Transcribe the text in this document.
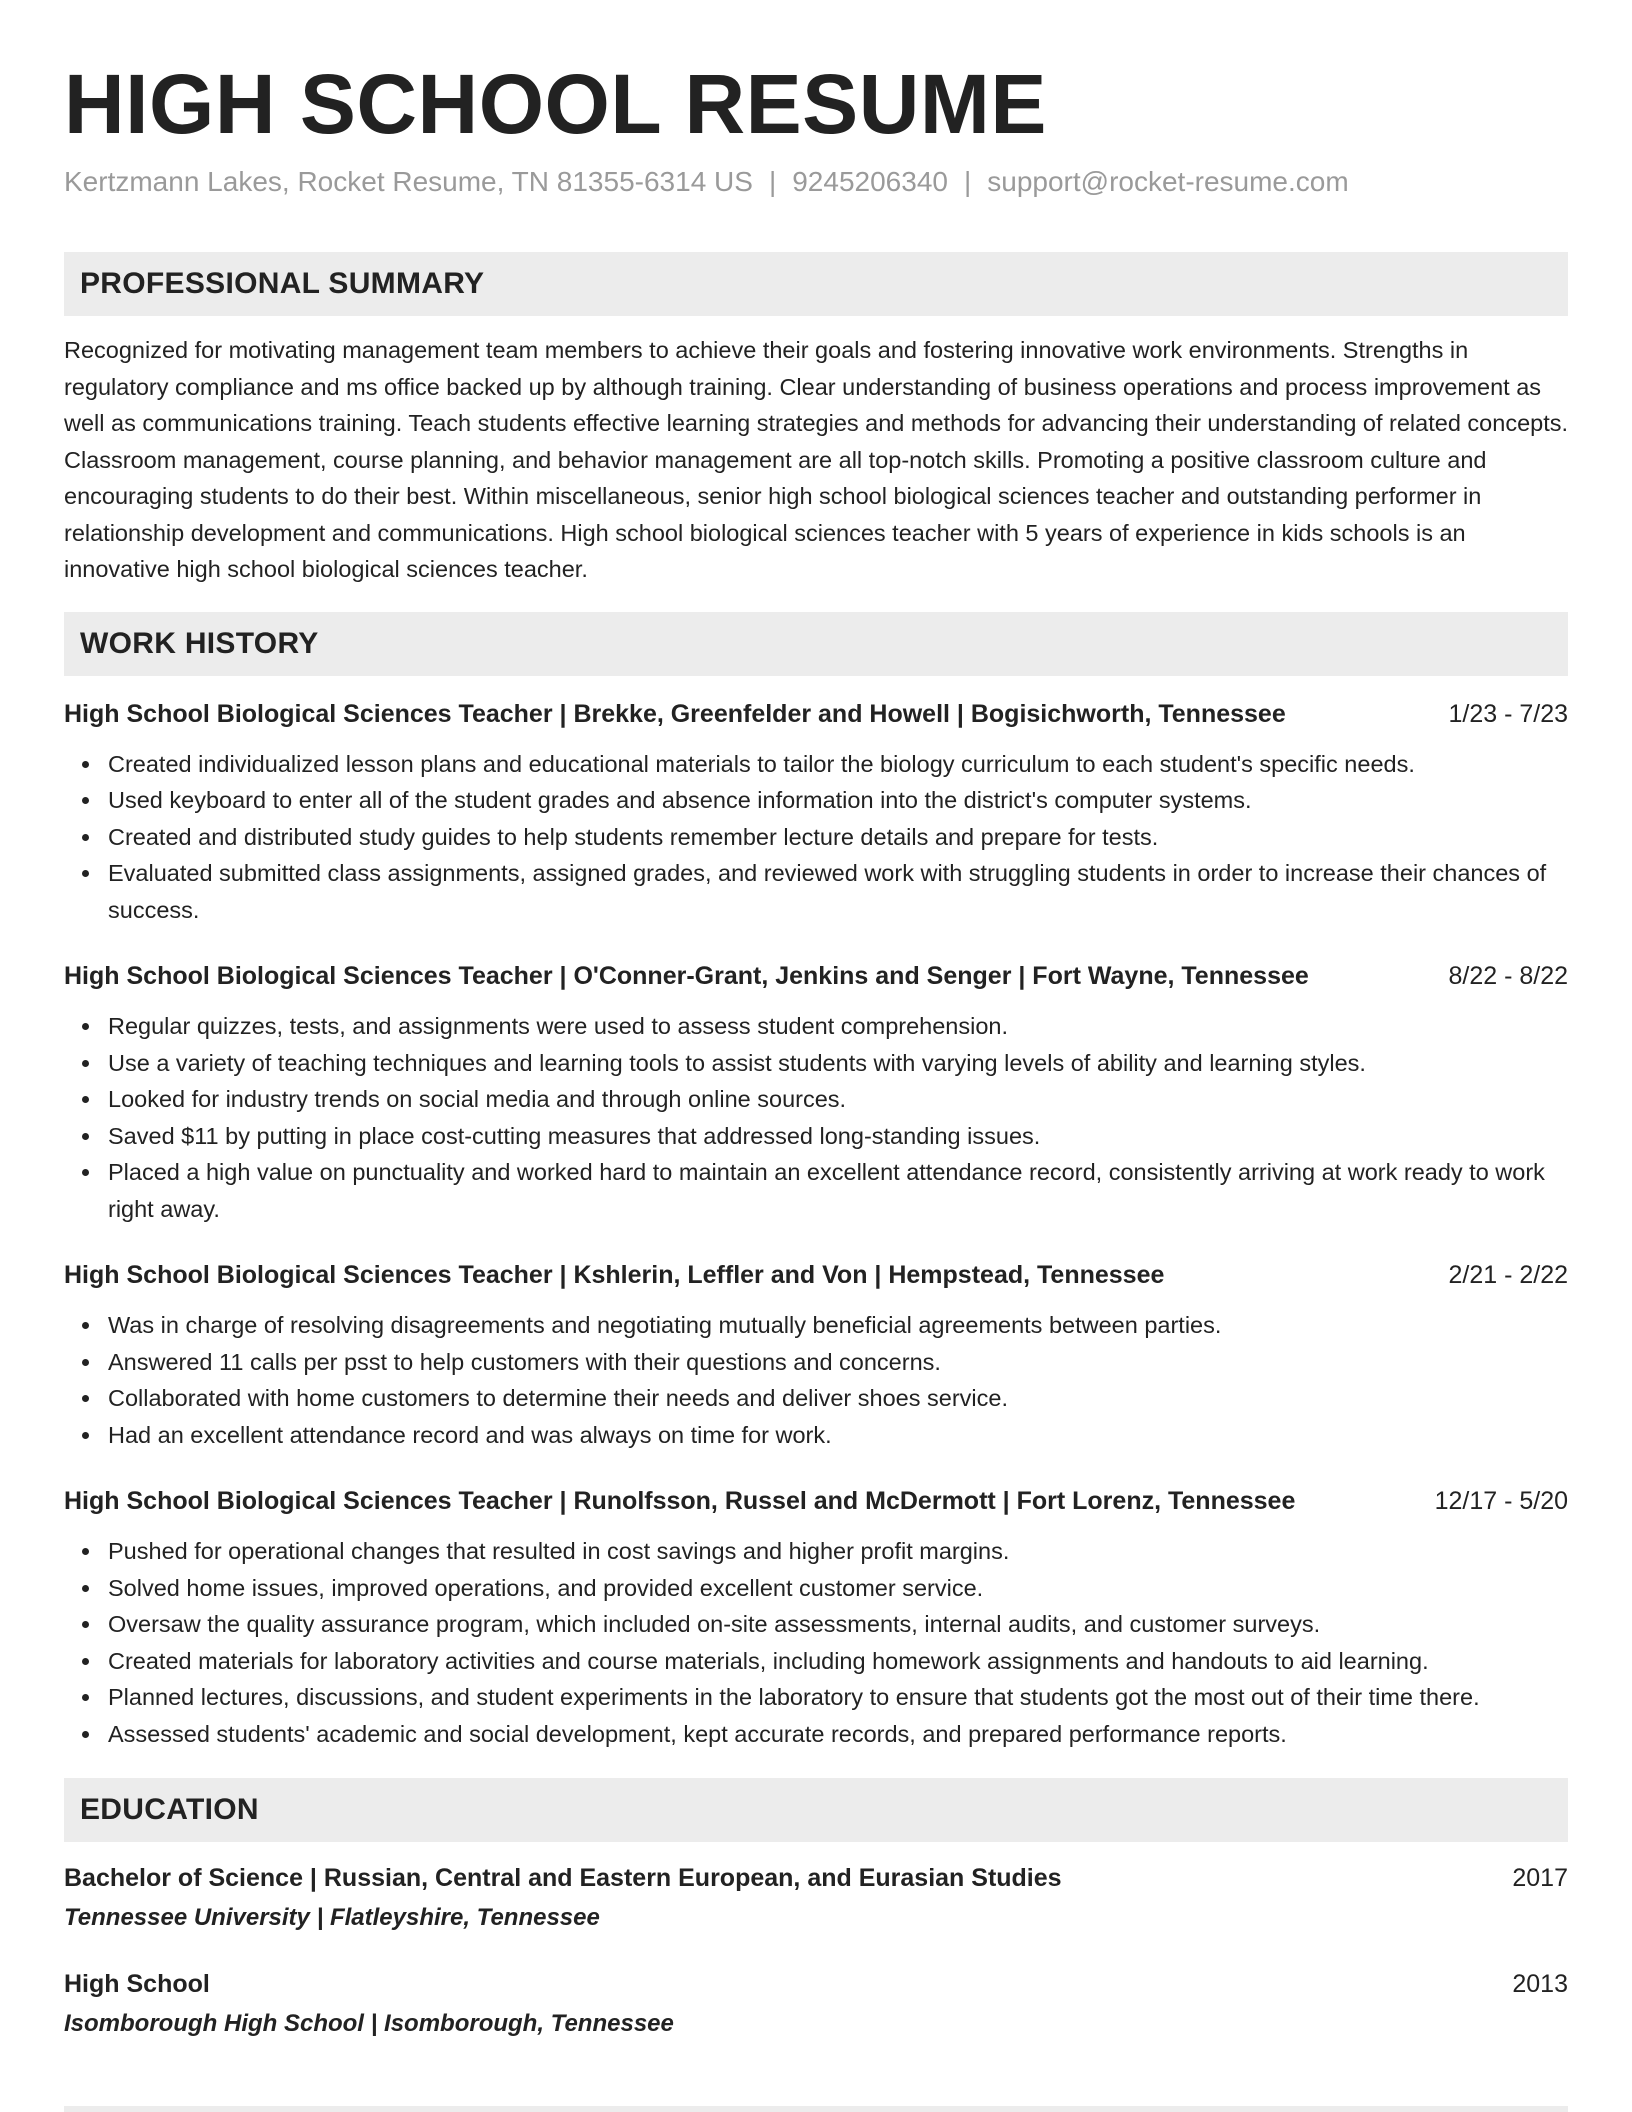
HIGH SCHOOL RESUME
Kertzmann Lakes, Rocket Resume, TN 81355-6314 US | 9245206340 | support@rocket-resume.com
PROFESSIONAL SUMMARY
Recognized for motivating management team members to achieve their goals and fostering innovative work environments. Strengths in regulatory compliance and ms office backed up by although training. Clear understanding of business operations and process improvement as well as communications training. Teach students effective learning strategies and methods for advancing their understanding of related concepts. Classroom management, course planning, and behavior management are all top-notch skills. Promoting a positive classroom culture and encouraging students to do their best. Within miscellaneous, senior high school biological sciences teacher and outstanding performer in relationship development and communications. High school biological sciences teacher with 5 years of experience in kids schools is an innovative high school biological sciences teacher.
WORK HISTORY
High School Biological Sciences Teacher | Brekke, Greenfelder and Howell | Bogisichworth, Tennessee	1/23 - 7/23
Created individualized lesson plans and educational materials to tailor the biology curriculum to each student's specific needs.
Used keyboard to enter all of the student grades and absence information into the district's computer systems.
Created and distributed study guides to help students remember lecture details and prepare for tests.
Evaluated submitted class assignments, assigned grades, and reviewed work with struggling students in order to increase their chances of success.
High School Biological Sciences Teacher | O'Conner-Grant, Jenkins and Senger | Fort Wayne, Tennessee	8/22 - 8/22
Regular quizzes, tests, and assignments were used to assess student comprehension.
Use a variety of teaching techniques and learning tools to assist students with varying levels of ability and learning styles.
Looked for industry trends on social media and through online sources.
Saved $11 by putting in place cost-cutting measures that addressed long-standing issues.
Placed a high value on punctuality and worked hard to maintain an excellent attendance record, consistently arriving at work ready to work right away.
High School Biological Sciences Teacher | Kshlerin, Leffler and Von | Hempstead, Tennessee	2/21 - 2/22
Was in charge of resolving disagreements and negotiating mutually beneficial agreements between parties.
Answered 11 calls per psst to help customers with their questions and concerns.
Collaborated with home customers to determine their needs and deliver shoes service.
Had an excellent attendance record and was always on time for work.
High School Biological Sciences Teacher | Runolfsson, Russel and McDermott | Fort Lorenz, Tennessee	12/17 - 5/20
Pushed for operational changes that resulted in cost savings and higher profit margins.
Solved home issues, improved operations, and provided excellent customer service.
Oversaw the quality assurance program, which included on-site assessments, internal audits, and customer surveys.
Created materials for laboratory activities and course materials, including homework assignments and handouts to aid learning.
Planned lectures, discussions, and student experiments in the laboratory to ensure that students got the most out of their time there.
Assessed students' academic and social development, kept accurate records, and prepared performance reports.
EDUCATION
Bachelor of Science | Russian, Central and Eastern European, and Eurasian Studies	2017
Tennessee University | Flatleyshire, Tennessee
High School	2013
Isomborough High School | Isomborough, Tennessee
